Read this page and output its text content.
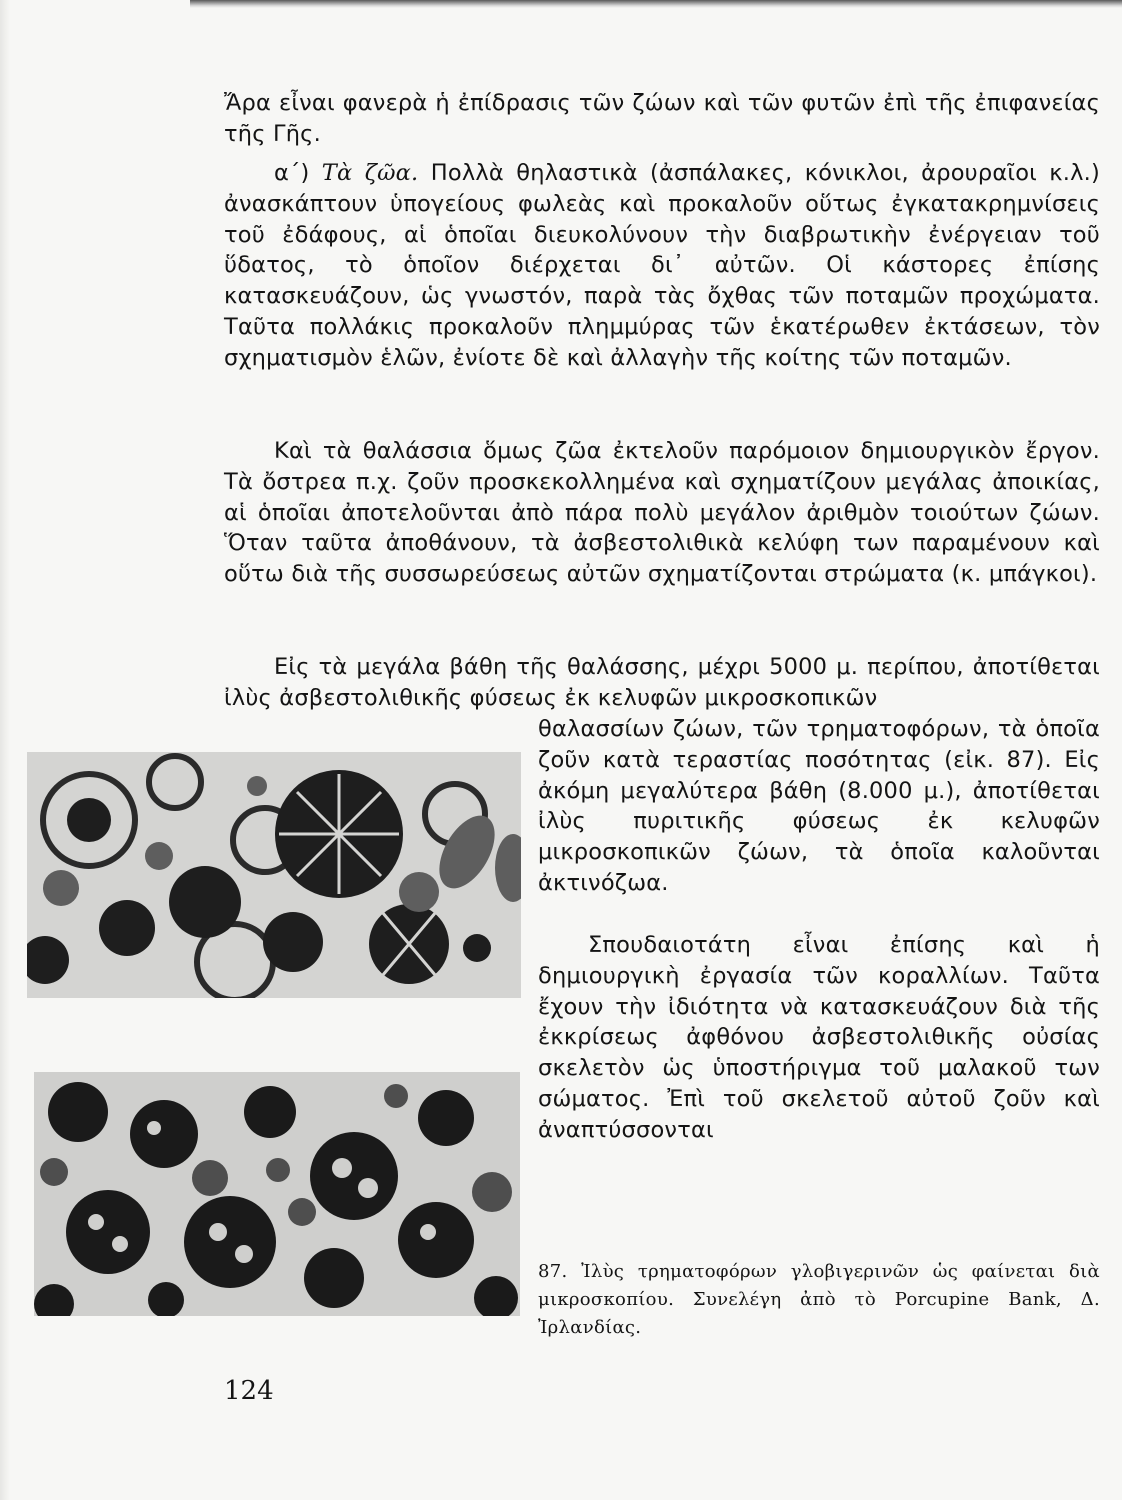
Ἄρα εἶναι φανερὰ ἡ ἐπίδρασις τῶν ζώων καὶ τῶν φυτῶν ἐπὶ τῆς ἐπιφανείας τῆς Γῆς.

α΄) Τὰ ζῶα. Πολλὰ θηλαστικὰ (ἀσπάλακες, κόνικλοι, ἀρουραῖοι κ.λ.) ἀνασκάπτουν ὑπογείους φωλεὰς καὶ προκαλοῦν οὕτως ἐγκατακρημνίσεις τοῦ ἐδάφους, αἱ ὁποῖαι διευκολύνουν τὴν διαβρωτικὴν ἐνέργειαν τοῦ ὕδατος, τὸ ὁποῖον διέρχεται δι᾽ αὐτῶν. Οἱ κάστορες ἐπίσης κατασκευάζουν, ὡς γνωστόν, παρὰ τὰς ὄχθας τῶν ποταμῶν προχώματα. Ταῦτα πολλάκις προκαλοῦν πλημμύρας τῶν ἑκατέρωθεν ἐκτάσεων, τὸν σχηματισμὸν ἑλῶν, ἐνίοτε δὲ καὶ ἀλλαγὴν τῆς κοίτης τῶν ποταμῶν.

Καὶ τὰ θαλάσσια ὅμως ζῶα ἐκτελοῦν παρόμοιον δημιουργικὸν ἔργον. Τὰ ὄστρεα π.χ. ζοῦν προσκεκολλημένα καὶ σχηματίζουν μεγάλας ἀποικίας, αἱ ὁποῖαι ἀποτελοῦνται ἀπὸ πάρα πολὺ μεγάλον ἀριθμὸν τοιούτων ζώων. Ὅταν ταῦτα ἀποθάνουν, τὰ ἀσβεστολιθικὰ κελύφη των παραμένουν καὶ οὕτω διὰ τῆς συσσωρεύσεως αὐτῶν σχηματίζονται στρώματα (κ. μπάγκοι).

Εἰς τὰ μεγάλα βάθη τῆς θαλάσσης, μέχρι 5000 μ. περίπου, ἀποτίθεται ἰλὺς ἀσβεστολιθικῆς φύσεως ἐκ κελυφῶν μικροσκοπικῶν

θαλασσίων ζώων, τῶν τρηματοφόρων, τὰ ὁποῖα ζοῦν κατὰ τεραστίας ποσότητας (εἰκ. 87). Εἰς ἀκόμη μεγαλύτερα βάθη (8.000 μ.), ἀποτίθεται ἰλὺς πυριτικῆς φύσεως ἐκ κελυφῶν μικροσκοπικῶν ζώων, τὰ ὁποῖα καλοῦνται ἀκτινόζωα.

Σπουδαιοτάτη εἶναι ἐπίσης καὶ ἡ δημιουργικὴ ἐργασία τῶν κοραλλίων. Ταῦτα ἔχουν τὴν ἰδιότητα νὰ κατασκευάζουν διὰ τῆς ἐκκρίσεως ἀφθόνου ἀσβεστολιθικῆς οὐσίας σκελετὸν ὡς ὑποστήριγμα τοῦ μαλακοῦ των σώματος. Ἐπὶ τοῦ σκελετοῦ αὐτοῦ ζοῦν καὶ ἀναπτύσσονται

87. Ἰλὺς τρηματοφόρων γλοβιγερινῶν ὡς φαίνεται διὰ μικροσκοπίου. Συνελέγη ἀπὸ τὸ Porcupine Bank, Δ. Ἰρλανδίας.

124
